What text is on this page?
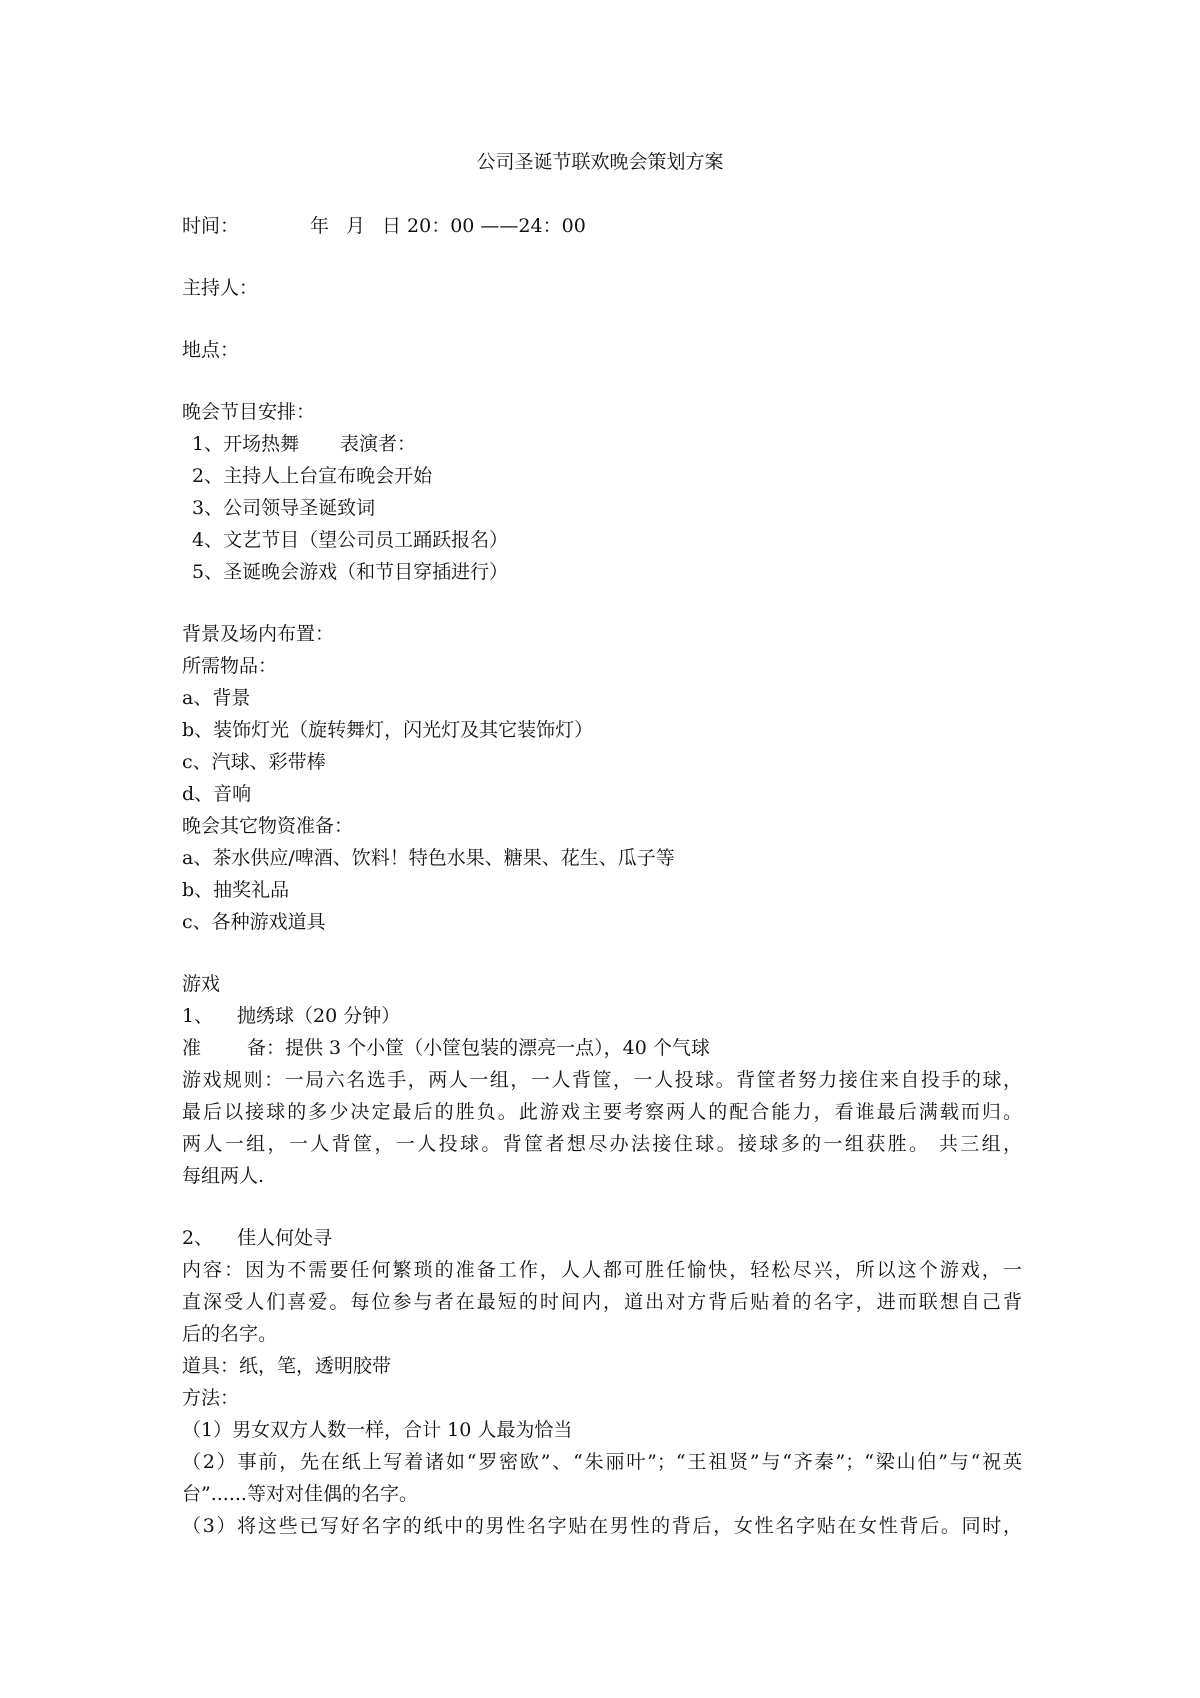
公司圣诞节联欢晚会策划方案
时间：	年 月 日 20：00 ——24：00
主持人：
地点：
晚会节目安排：
1、开场热舞 表演者：
2、主持人上台宣布晚会开始
3、公司领导圣诞致词
4、文艺节目（望公司员工踊跃报名）
5、圣诞晚会游戏（和节目穿插进行）
背景及场内布置：
所需物品：
a、背景
b、装饰灯光（旋转舞灯，闪光灯及其它装饰灯）
c、汽球、彩带棒
d、音响
晚会其它物资准备：
a、茶水供应/啤酒、饮料！特色水果、糖果、花生、瓜子等
b、抽奖礼品
c、各种游戏道具
游戏
1、 抛绣球（20 分钟）
准 备：提供 3 个小筐（小筐包装的漂亮一点），40 个气球
游戏规则：一局六名选手，两人一组，一人背筐，一人投球。背筐者努力接住来自投手的球，
最后以接球的多少决定最后的胜负。此游戏主要考察两人的配合能力，看谁最后满载而归。
两人一组，一人背筐，一人投球。背筐者想尽办法接住球。接球多的一组获胜。 共三组，
每组两人.
2、 佳人何处寻
内容：因为不需要任何繁琐的准备工作，人人都可胜任愉快，轻松尽兴，所以这个游戏，一
直深受人们喜爱。每位参与者在最短的时间内，道出对方背后贴着的名字，进而联想自己背
后的名字。
道具：纸，笔，透明胶带
方法：
（1）男女双方人数一样，合计 10 人最为恰当
（2）事前，先在纸上写着诸如“罗密欧”、“朱丽叶”；“王祖贤”与“齐秦”；“梁山伯”与“祝英
台”......等对对佳偶的名字。
（3）将这些已写好名字的纸中的男性名字贴在男性的背后，女性名字贴在女性背后。同时，
